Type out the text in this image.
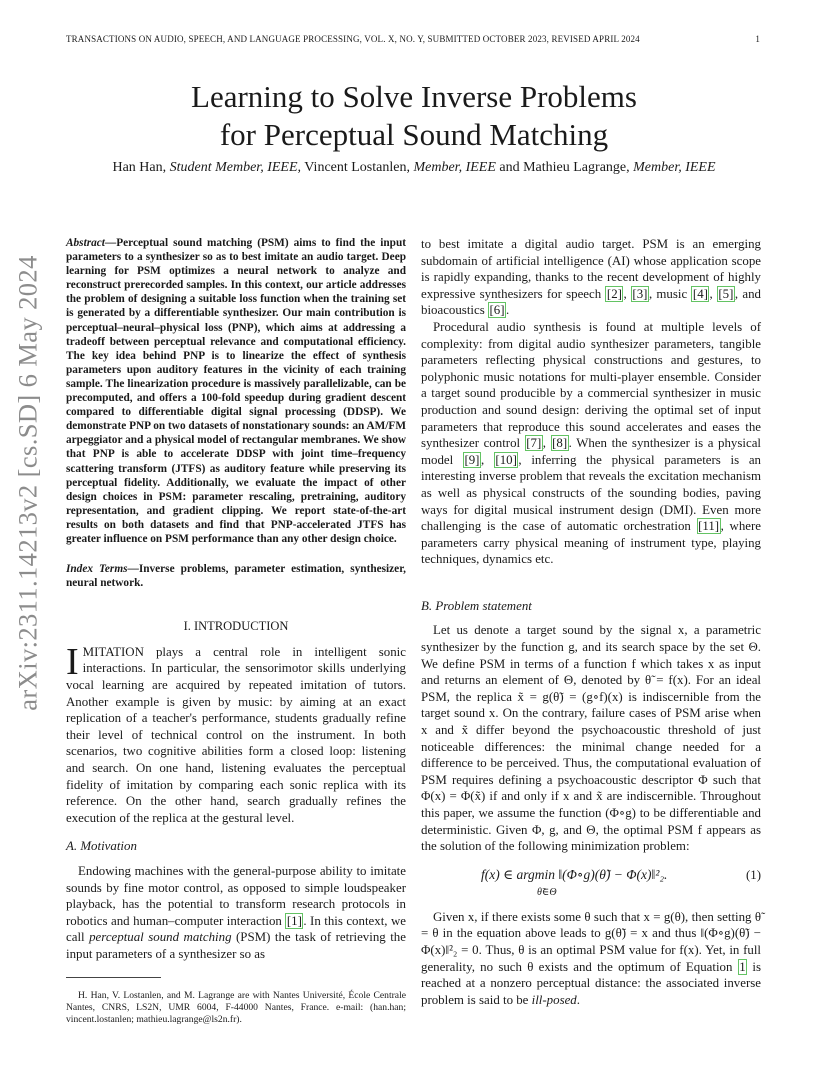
TRANSACTIONS ON AUDIO, SPEECH, AND LANGUAGE PROCESSING, VOL. X, NO. Y, SUBMITTED OCTOBER 2023, REVISED APRIL 2024	1
arXiv:2311.14213v2 [cs.SD] 6 May 2024
Learning to Solve Inverse Problems
for Perceptual Sound Matching
Han Han, Student Member, IEEE, Vincent Lostanlen, Member, IEEE and Mathieu Lagrange, Member, IEEE

Abstract—Perceptual sound matching (PSM) aims to find the input parameters to a synthesizer so as to best imitate an audio target. Deep learning for PSM optimizes a neural network to analyze and reconstruct prerecorded samples. In this context, our article addresses the problem of designing a suitable loss function when the training set is generated by a differentiable synthesizer. Our main contribution is perceptual–neural–physical loss (PNP), which aims at addressing a tradeoff between perceptual relevance and computational efficiency. The key idea behind PNP is to linearize the effect of synthesis parameters upon auditory features in the vicinity of each training sample. The linearization procedure is massively parallelizable, can be precomputed, and offers a 100-fold speedup during gradient descent compared to differentiable digital signal processing (DDSP). We demonstrate PNP on two datasets of nonstationary sounds: an AM/FM arpeggiator and a physical model of rectangular membranes. We show that PNP is able to accelerate DDSP with joint time–frequency scattering transform (JTFS) as auditory feature while preserving its perceptual fidelity. Additionally, we evaluate the impact of other design choices in PSM: parameter rescaling, pretraining, auditory representation, and gradient clipping. We report state-of-the-art results on both datasets and find that PNP-accelerated JTFS has greater influence on PSM performance than any other design choice.

Index Terms—Inverse problems, parameter estimation, synthesizer, neural network.

I. INTRODUCTION

IMITATION plays a central role in intelligent sonic interactions. In particular, the sensorimotor skills underlying vocal learning are acquired by repeated imitation of tutors. Another example is given by music: by aiming at an exact replication of a teacher's performance, students gradually refine their level of technical control on the instrument. In both scenarios, two cognitive abilities form a closed loop: listening and search. On one hand, listening evaluates the perceptual fidelity of imitation by comparing each sonic replica with its reference. On the other hand, search gradually refines the execution of the replica at the gestural level.

A. Motivation

Endowing machines with the general-purpose ability to imitate sounds by fine motor control, as opposed to simple loudspeaker playback, has the potential to transform research protocols in robotics and human–computer interaction [1] . In this context, we call perceptual sound matching (PSM) the task of retrieving the input parameters of a synthesizer so as

H. Han, V. Lostanlen, and M. Lagrange are with Nantes Université, École Centrale Nantes, CNRS, LS2N, UMR 6004, F-44000 Nantes, France. e-mail: (han.han; vincent.lostanlen; mathieu.lagrange@ls2n.fr).

to best imitate a digital audio target. PSM is an emerging subdomain of artificial intelligence (AI) whose application scope is rapidly expanding, thanks to the recent development of highly expressive synthesizers for speech [2] , [3] , music [4] , [5] , and bioacoustics [6] .

Procedural audio synthesis is found at multiple levels of complexity: from digital audio synthesizer parameters, tangible parameters reflecting physical constructions and gestures, to polyphonic music notations for multi-player ensemble. Consider a target sound producible by a commercial synthesizer in music production and sound design: deriving the optimal set of input parameters that reproduce this sound accelerates and eases the synthesizer control [7] , [8] . When the synthesizer is a physical model [9] , [10] , inferring the physical parameters is an interesting inverse problem that reveals the excitation mechanism as well as physical constructs of the sounding bodies, paving ways for digital musical instrument design (DMI). Even more challenging is the case of automatic orchestration [11] , where parameters carry physical meaning of instrument type, playing techniques, dynamics etc.

B. Problem statement

Let us denote a target sound by the signal x, a parametric synthesizer by the function g, and its search space by the set Θ. We define PSM in terms of a function f which takes x as input and returns an element of Θ, denoted by θ̃ = f(x). For an ideal PSM, the replica x̃ = g(θ̃) = (g∘f)(x) is indiscernible from the target sound x. On the contrary, failure cases of PSM arise when x and x̃ differ beyond the psychoacoustic threshold of just noticeable differences: the minimal change needed for a difference to be perceived. Thus, the computational evaluation of PSM requires defining a psychoacoustic descriptor Φ such that Φ(x) = Φ(x̃) if and only if x and x̃ are indiscernible. Throughout this paper, we assume the function (Φ∘g) to be differentiable and deterministic. Given Φ, g, and Θ, the optimal PSM f appears as the solution of the following minimization problem:

f(x) ∈ argmin ‖(Φ∘g)(θ̃) − Φ(x)‖²₂.	(1)
θ̃∈Θ

Given x, if there exists some θ such that x = g(θ), then setting θ̃ = θ in the equation above leads to g(θ̃) = x and thus ‖(Φ∘g)(θ̃) − Φ(x)‖²₂ = 0. Thus, θ is an optimal PSM value for f(x). Yet, in full generality, no such θ exists and the optimum of Equation 1 is reached at a nonzero perceptual distance: the associated inverse problem is said to be ill-posed.
